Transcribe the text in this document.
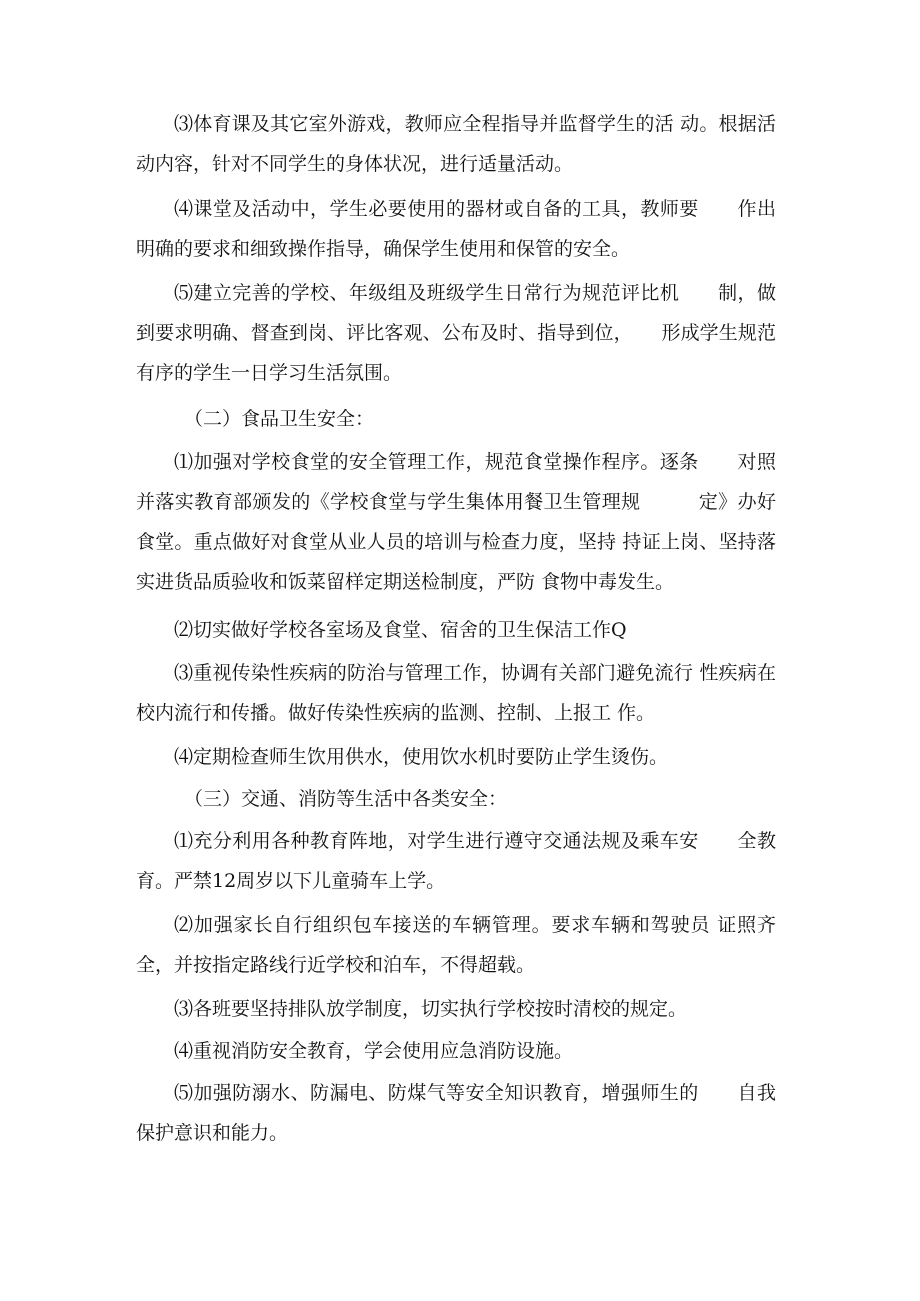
⑶体育课及其它室外游戏，教师应全程指导并监督学生的活 动。根据活动内容，针对不同学生的身体状况，进行适量活动。

⑷课堂及活动中，学生必要使用的器材或自备的工具，教师要　　作出明确的要求和细致操作指导，确保学生使用和保管的安全。

⑸建立完善的学校、年级组及班级学生日常行为规范评比机　　制，做到要求明确、督查到岗、评比客观、公布及时、指导到位，　　形成学生规范有序的学生一日学习生活氛围。

（二）食品卫生安全：

⑴加强对学校食堂的安全管理工作，规范食堂操作程序。逐条　　对照并落实教育部颁发的《学校食堂与学生集体用餐卫生管理规　　　定》办好食堂。重点做好对食堂从业人员的培训与检查力度，坚持 持证上岗、坚持落实进货品质验收和饭菜留样定期送检制度，严防 食物中毒发生。

⑵切实做好学校各室场及食堂、宿舍的卫生保洁工作Q

⑶重视传染性疾病的防治与管理工作，协调有关部门避免流行 性疾病在校内流行和传播。做好传染性疾病的监测、控制、上报工 作。

⑷定期检查师生饮用供水，使用饮水机时要防止学生烫伤。

（三）交通、消防等生活中各类安全：

⑴充分利用各种教育阵地，对学生进行遵守交通法规及乘车安　　全教育。严禁12周岁以下儿童骑车上学。

⑵加强家长自行组织包车接送的车辆管理。要求车辆和驾驶员 证照齐全，并按指定路线行近学校和泊车，不得超载。

⑶各班要坚持排队放学制度，切实执行学校按时清校的规定。

⑷重视消防安全教育，学会使用应急消防设施。

⑸加强防溺水、防漏电、防煤气等安全知识教育，增强师生的　　自我保护意识和能力。
